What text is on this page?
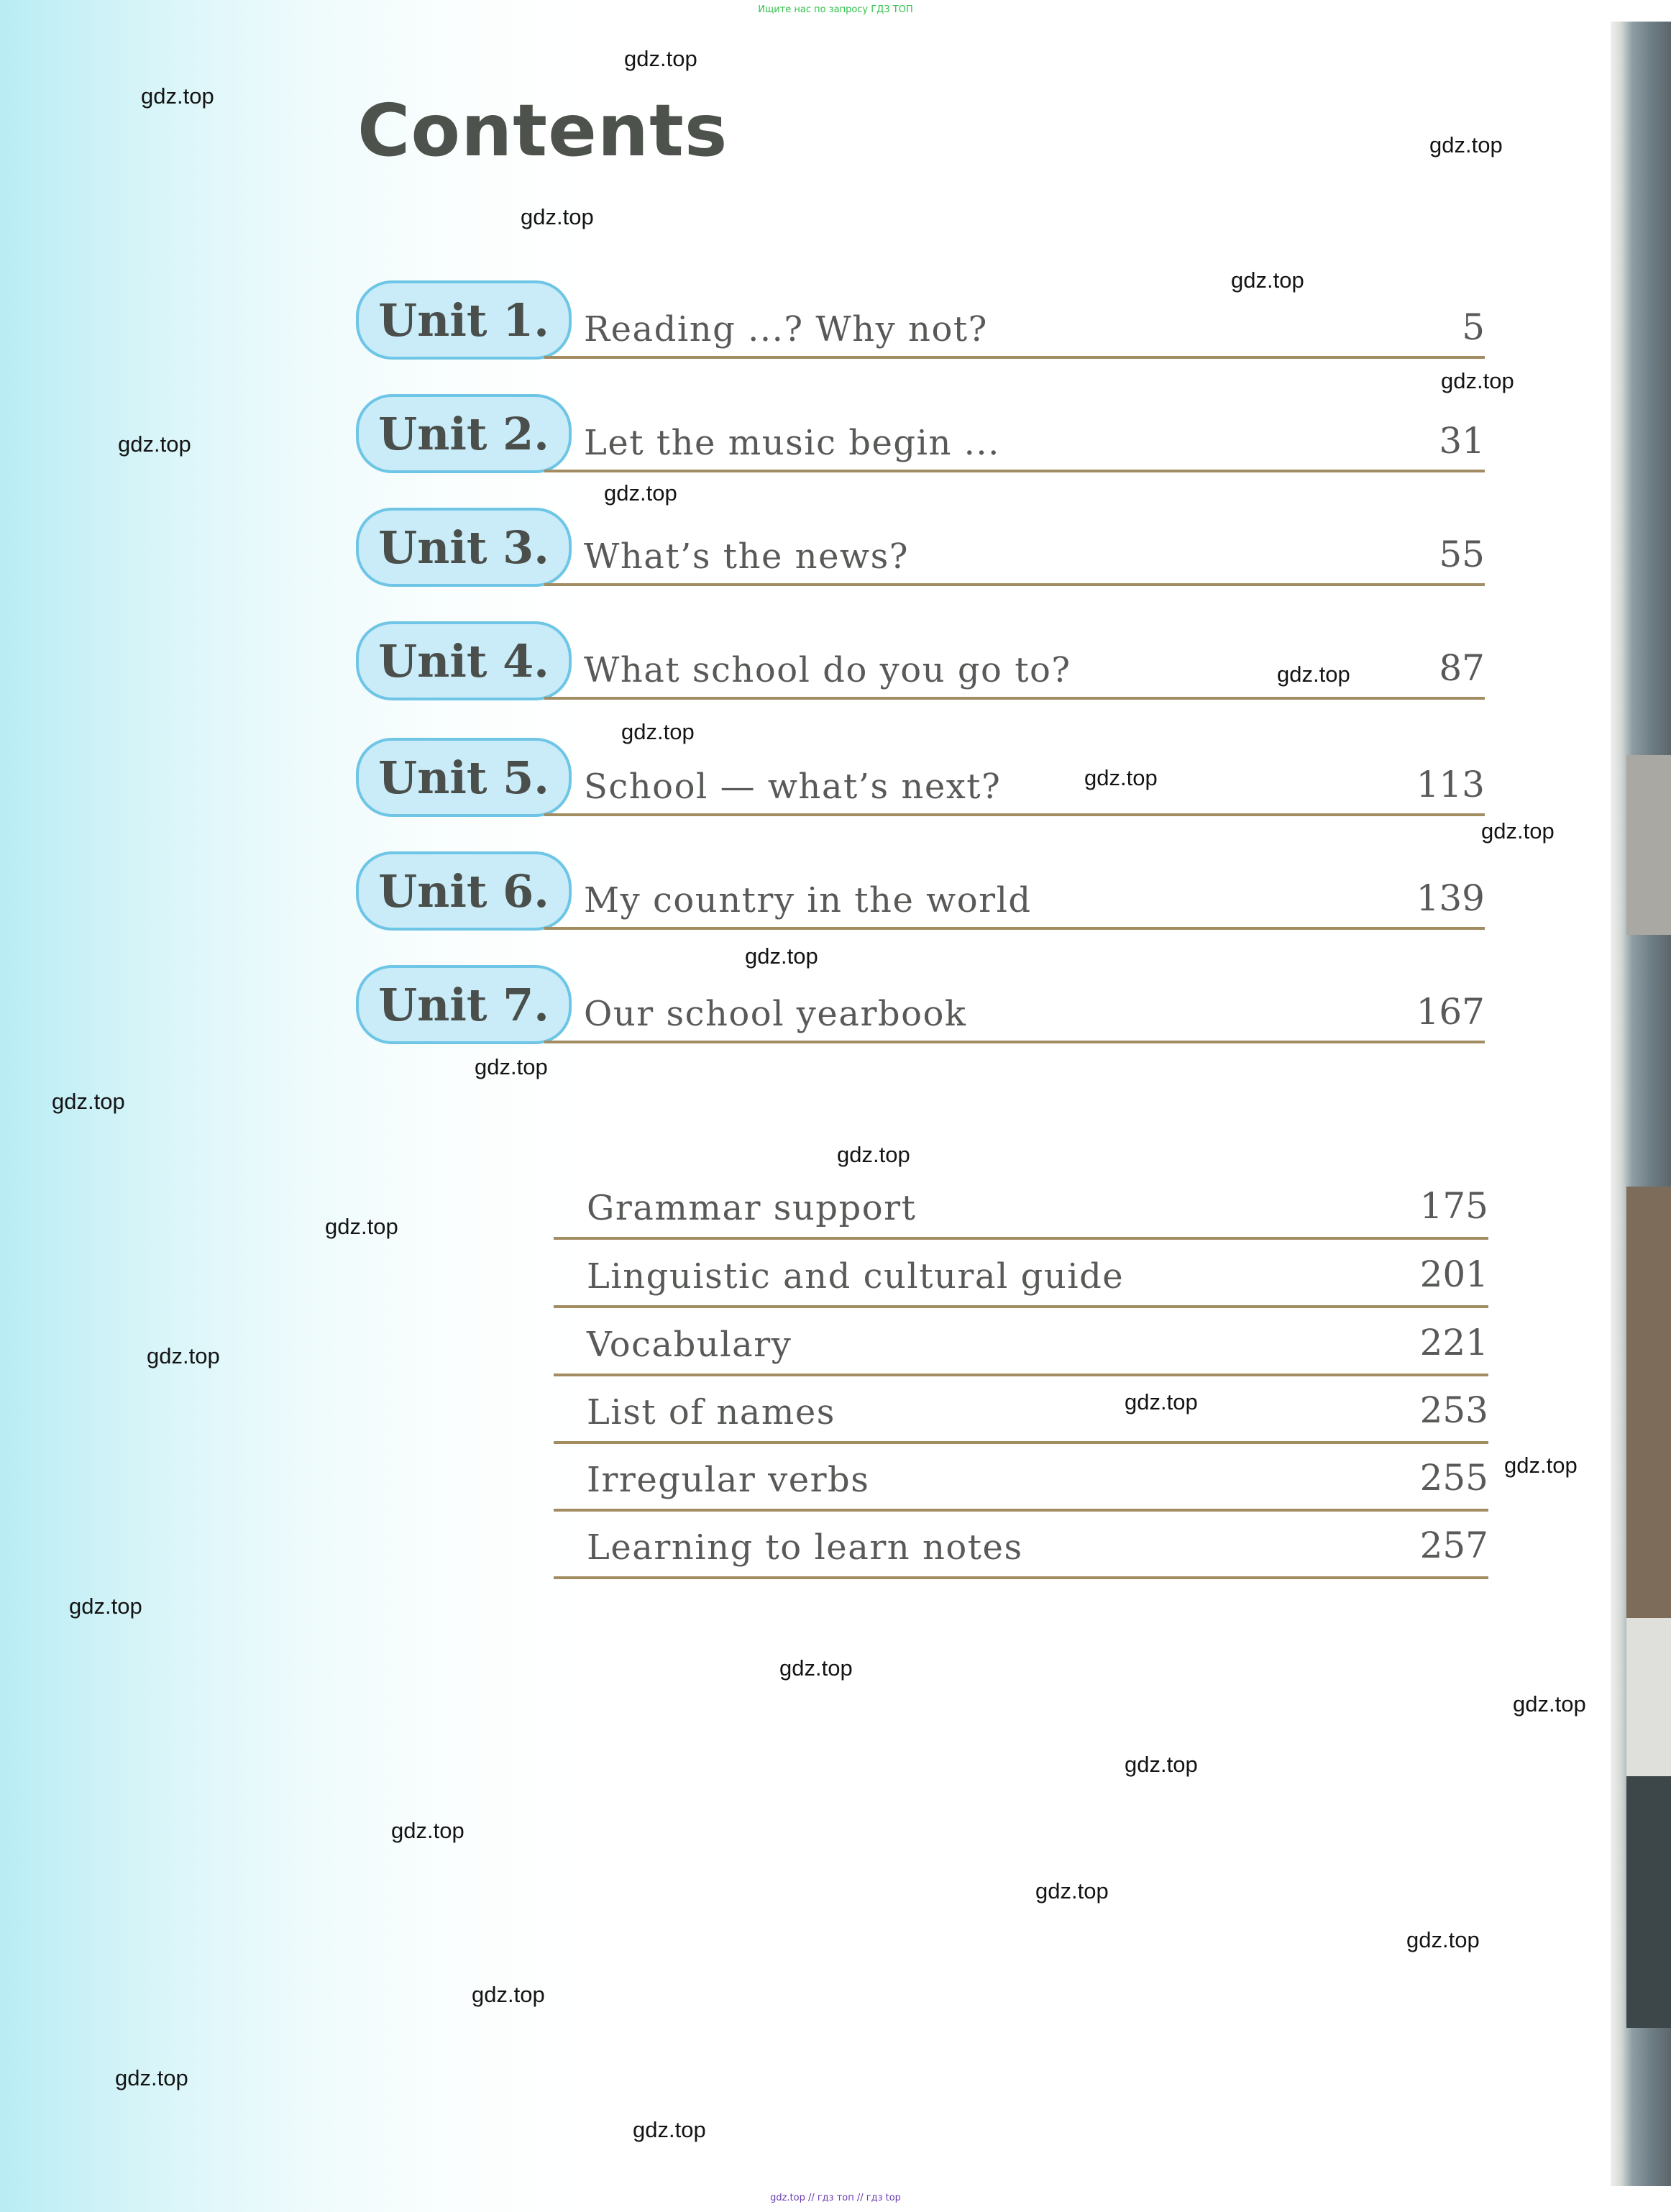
Ищите нас по запросу ГДЗ ТОП
Contents
Unit 1.	Reading ...? Why not?	5
Unit 2.	Let the music begin ...	31
Unit 3.	What’s the news?	55
Unit 4.	What school do you go to?	87
Unit 5.	School — what’s next?	113
Unit 6.	My country in the world	139
Unit 7.	Our school yearbook	167
Grammar support	175
Linguistic and cultural guide	201
Vocabulary	221
List of names	253
Irregular verbs	255
Learning to learn notes	257
gdz.top
gdz.top
gdz.top
gdz.top
gdz.top
gdz.top
gdz.top
gdz.top
gdz.top
gdz.top
gdz.top
gdz.top
gdz.top
gdz.top
gdz.top
gdz.top
gdz.top
gdz.top
gdz.top
gdz.top
gdz.top
gdz.top
gdz.top
gdz.top
gdz.top
gdz.top
gdz.top
gdz.top
gdz.top
gdz.top
gdz.top // гдз топ // гдз top
